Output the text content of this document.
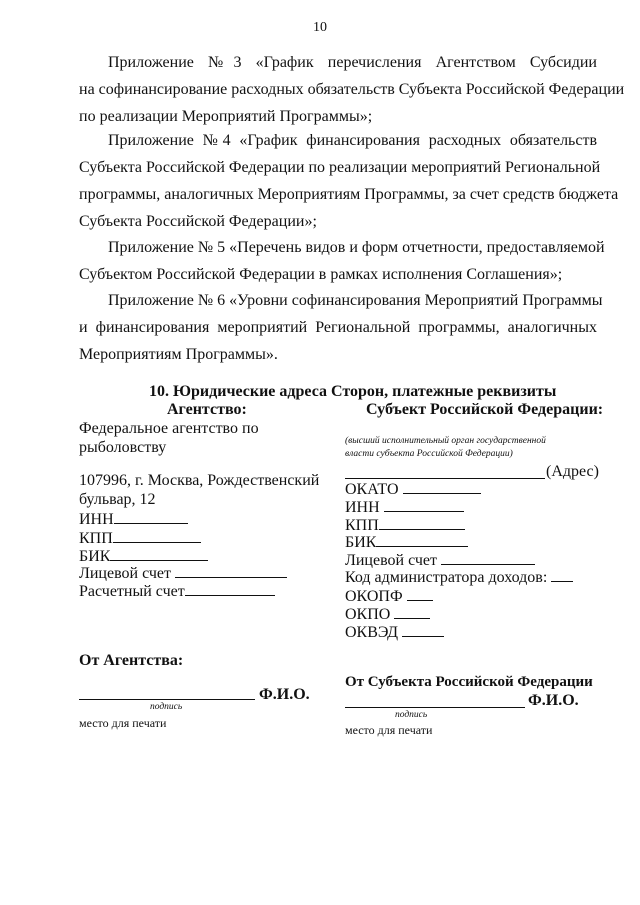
10
Приложение №3 «График перечисления Агентством Субсидии
на софинансирование расходных обязательств Субъекта Российской Федерации
по реализации Мероприятий Программы»;
Приложение №4 «График финансирования расходных обязательств
Субъекта Российской Федерации по реализации мероприятий Региональной
программы, аналогичных Мероприятиям Программы, за счет средств бюджета
Субъекта Российской Федерации»;
Приложение № 5 «Перечень видов и форм отчетности, предоставляемой
Субъектом Российской Федерации в рамках исполнения Соглашения»;
Приложение № 6 «Уровни софинансирования Мероприятий Программы
и финансирования мероприятий Региональной программы, аналогичных
Мероприятиям Программы».
10. Юридические адреса Сторон, платежные реквизиты
Агентство:
Федеральное агентство по
рыболовству
107996, г. Москва, Рождественский
бульвар, 12
ИНН
КПП
БИК
Лицевой счет
Расчетный счет
От Агентства:
Ф.И.О.
подпись
место для печати
Субъект Российской Федерации:
(высший исполнительный орган государственной
власти субъекта Российской Федерации)
(Адрес)
ОКАТО
ИНН
КПП
БИК
Лицевой счет
Код администратора доходов:
ОКОПФ
ОКПО
ОКВЭД
От Субъекта Российской Федерации
Ф.И.О.
подпись
место для печати
